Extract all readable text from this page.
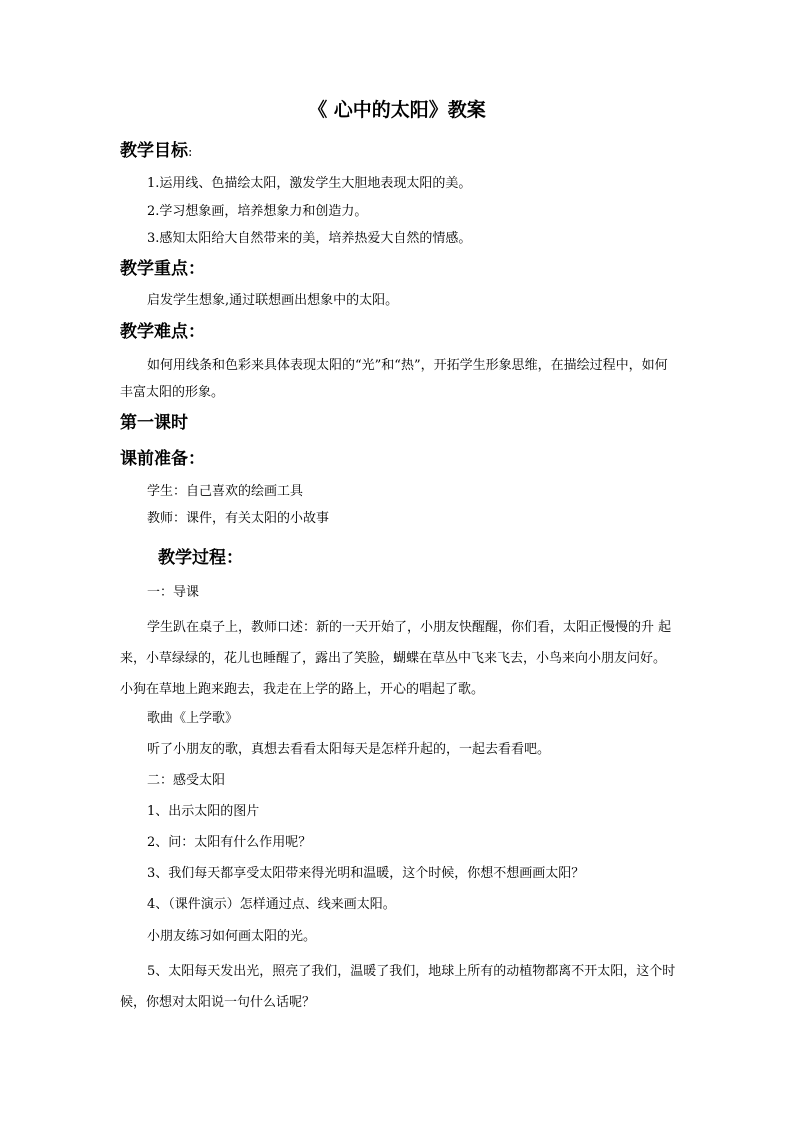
《 心中的太阳》教案
教学目标:

1.运用线、色描绘太阳，激发学生大胆地表现太阳的美。

2.学习想象画，培养想象力和创造力。

3.感知太阳给大自然带来的美，培养热爱大自然的情感。

教学重点：

启发学生想象,通过联想画出想象中的太阳。

教学难点：

如何用线条和色彩来具体表现太阳的“光”和“热”，开拓学生形象思维，在描绘过程中，如何丰富太阳的形象。

第一课时
课前准备：

学生：自己喜欢的绘画工具

教师：课件，有关太阳的小故事

教学过程：

一：导课

学生趴在桌子上，教师口述：新的一天开始了，小朋友快醒醒，你们看，太阳正慢慢的升 起来，小草绿绿的，花儿也睡醒了，露出了笑脸，蝴蝶在草丛中飞来飞去，小鸟来向小朋友问好。小狗在草地上跑来跑去，我走在上学的路上，开心的唱起了歌。

歌曲《上学歌》

听了小朋友的歌，真想去看看太阳每天是怎样升起的，一起去看看吧。

二：感受太阳

1、出示太阳的图片

2、问：太阳有什么作用呢？

3、我们每天都享受太阳带来得光明和温暖，这个时候，你想不想画画太阳？

4、（课件演示）怎样通过点、线来画太阳。

小朋友练习如何画太阳的光。

5、太阳每天发出光，照亮了我们，温暖了我们，地球上所有的动植物都离不开太阳，这个时候，你想对太阳说一句什么话呢？
